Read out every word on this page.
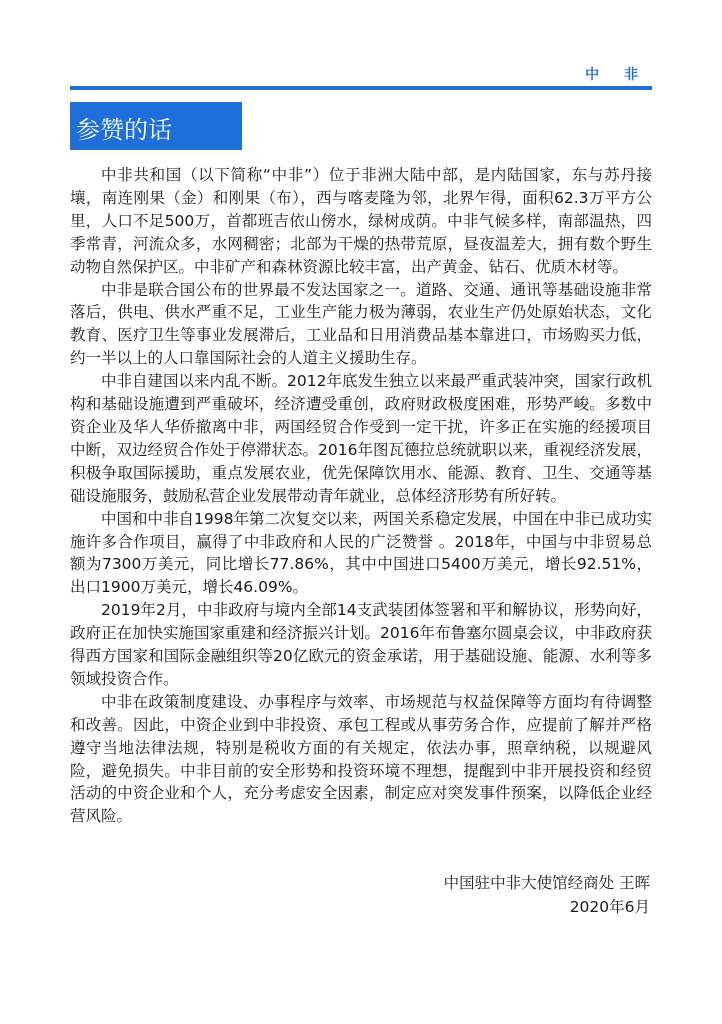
中 非
参赞的话

中非共和国（以下简称“中非”）位于非洲大陆中部，是内陆国家，东与苏丹接壤，南连刚果（金）和刚果（布），西与喀麦隆为邻，北界乍得，面积62.3万平方公里，人口不足500万，首都班吉依山傍水，绿树成荫。中非气候多样，南部温热，四季常青，河流众多，水网稠密；北部为干燥的热带荒原，昼夜温差大，拥有数个野生动物自然保护区。中非矿产和森林资源比较丰富，出产黄金、钻石、优质木材等。

中非是联合国公布的世界最不发达国家之一。道路、交通、通讯等基础设施非常落后，供电、供水严重不足，工业生产能力极为薄弱，农业生产仍处原始状态，文化教育、医疗卫生等事业发展滞后，工业品和日用消费品基本靠进口，市场购买力低，约一半以上的人口靠国际社会的人道主义援助生存。

中非自建国以来内乱不断。2012年底发生独立以来最严重武装冲突，国家行政机构和基础设施遭到严重破坏，经济遭受重创，政府财政极度困难，形势严峻。多数中资企业及华人华侨撤离中非，两国经贸合作受到一定干扰，许多正在实施的经援项目中断，双边经贸合作处于停滞状态。2016年图瓦德拉总统就职以来，重视经济发展，积极争取国际援助，重点发展农业，优先保障饮用水、能源、教育、卫生、交通等基础设施服务，鼓励私营企业发展带动青年就业，总体经济形势有所好转。

中国和中非自1998年第二次复交以来，两国关系稳定发展，中国在中非已成功实施许多合作项目，赢得了中非政府和人民的广泛赞誉 。2018年，中国与中非贸易总额为7300万美元，同比增长77.86%，其中中国进口5400万美元，增长92.51%，出口1900万美元，增长46.09%。

2019年2月，中非政府与境内全部14支武装团体签署和平和解协议，形势向好，政府正在加快实施国家重建和经济振兴计划。2016年布鲁塞尔圆桌会议，中非政府获得西方国家和国际金融组织等20亿欧元的资金承诺，用于基础设施、能源、水利等多领域投资合作。

中非在政策制度建设、办事程序与效率、市场规范与权益保障等方面均有待调整和改善。因此，中资企业到中非投资、承包工程或从事劳务合作，应提前了解并严格遵守当地法律法规，特别是税收方面的有关规定，依法办事，照章纳税，以规避风险，避免损失。中非目前的安全形势和投资环境不理想，提醒到中非开展投资和经贸活动的中资企业和个人，充分考虑安全因素，制定应对突发事件预案，以降低企业经营风险。

中国驻中非大使馆经商处 王晖
2020年6月
